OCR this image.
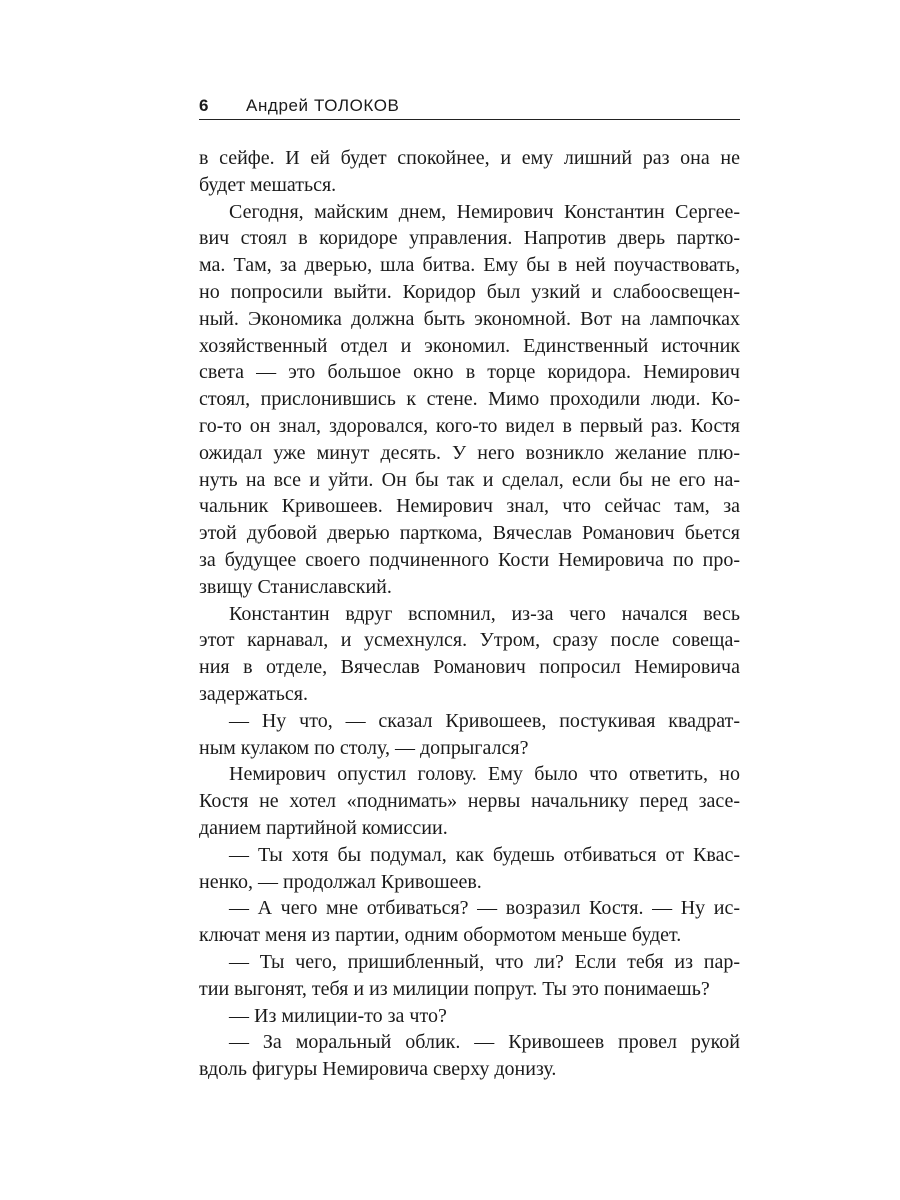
6 Андрей ТОЛОКОВ
в сейфе. И ей будет спокойнее, и ему лишний раз она не
будет мешаться.
Сегодня, майским днем, Немирович Константин Сергее-
вич стоял в коридоре управления. Напротив дверь партко-
ма. Там, за дверью, шла битва. Ему бы в ней поучаствовать,
но попросили выйти. Коридор был узкий и слабоосвещен-
ный. Экономика должна быть экономной. Вот на лампочках
хозяйственный отдел и экономил. Единственный источник
света — это большое окно в торце коридора. Немирович
стоял, прислонившись к стене. Мимо проходили люди. Ко-
го-то он знал, здоровался, кого-то видел в первый раз. Костя
ожидал уже минут десять. У него возникло желание плю-
нуть на все и уйти. Он бы так и сделал, если бы не его на-
чальник Кривошеев. Немирович знал, что сейчас там, за
этой дубовой дверью парткома, Вячеслав Романович бьется
за будущее своего подчиненного Кости Немировича по про-
звищу Станиславский.
Константин вдруг вспомнил, из-за чего начался весь
этот карнавал, и усмехнулся. Утром, сразу после совеща-
ния в отделе, Вячеслав Романович попросил Немировича
задержаться.
— Ну что, — сказал Кривошеев, постукивая квадрат-
ным кулаком по столу, — допрыгался?
Немирович опустил голову. Ему было что ответить, но
Костя не хотел «поднимать» нервы начальнику перед засе-
данием партийной комиссии.
— Ты хотя бы подумал, как будешь отбиваться от Квас-
ненко, — продолжал Кривошеев.
— А чего мне отбиваться? — возразил Костя. — Ну ис-
ключат меня из партии, одним обормотом меньше будет.
— Ты чего, пришибленный, что ли? Если тебя из пар-
тии выгонят, тебя и из милиции попрут. Ты это понимаешь?
— Из милиции-то за что?
— За моральный облик. — Кривошеев провел рукой
вдоль фигуры Немировича сверху донизу.
